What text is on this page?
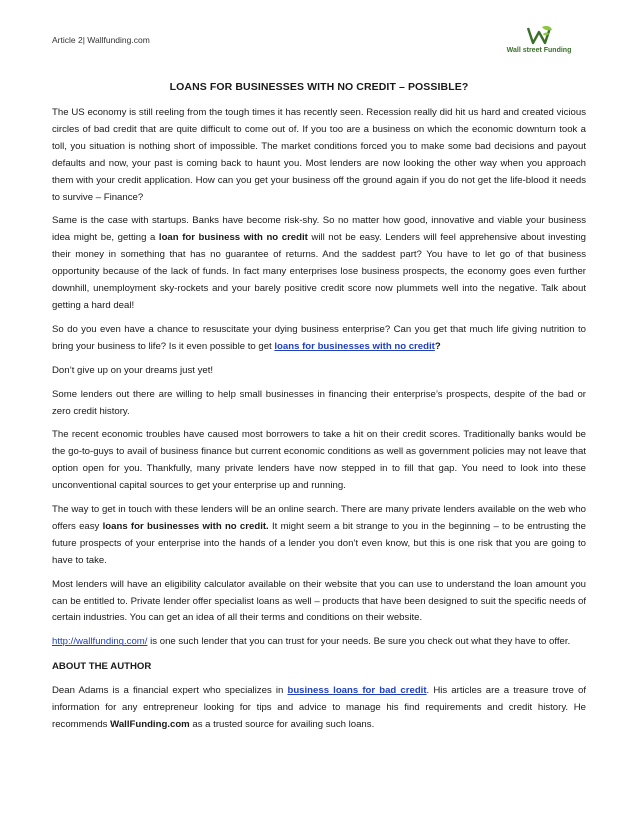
Article 2| Wallfunding.com
Wall street Funding
LOANS FOR BUSINESSES WITH NO CREDIT – POSSIBLE?

The US economy is still reeling from the tough times it has recently seen. Recession really did hit us hard and created vicious circles of bad credit that are quite difficult to come out of. If you too are a business on which the economic downturn took a toll, you situation is nothing short of impossible. The market conditions forced you to make some bad decisions and payout defaults and now, your past is coming back to haunt you. Most lenders are now looking the other way when you approach them with your credit application. How can you get your business off the ground again if you do not get the life-blood it needs to survive – Finance?

Same is the case with startups. Banks have become risk-shy. So no matter how good, innovative and viable your business idea might be, getting a loan for business with no credit will not be easy. Lenders will feel apprehensive about investing their money in something that has no guarantee of returns. And the saddest part? You have to let go of that business opportunity because of the lack of funds. In fact many enterprises lose business prospects, the economy goes even further downhill, unemployment sky-rockets and your barely positive credit score now plummets well into the negative. Talk about getting a hard deal!

So do you even have a chance to resuscitate your dying business enterprise? Can you get that much life giving nutrition to bring your business to life? Is it even possible to get loans for businesses with no credit?

Don’t give up on your dreams just yet!

Some lenders out there are willing to help small businesses in financing their enterprise’s prospects, despite of the bad or zero credit history.

The recent economic troubles have caused most borrowers to take a hit on their credit scores. Traditionally banks would be the go-to-guys to avail of business finance but current economic conditions as well as government policies may not leave that option open for you. Thankfully, many private lenders have now stepped in to fill that gap. You need to look into these unconventional capital sources to get your enterprise up and running.

The way to get in touch with these lenders will be an online search. There are many private lenders available on the web who offers easy loans for businesses with no credit. It might seem a bit strange to you in the beginning – to be entrusting the future prospects of your enterprise into the hands of a lender you don’t even know, but this is one risk that you are going to have to take.

Most lenders will have an eligibility calculator available on their website that you can use to understand the loan amount you can be entitled to. Private lender offer specialist loans as well – products that have been designed to suit the specific needs of certain industries. You can get an idea of all their terms and conditions on their website.

http://wallfunding.com/ is one such lender that you can trust for your needs. Be sure you check out what they have to offer.

ABOUT THE AUTHOR

Dean Adams is a financial expert who specializes in business loans for bad credit. His articles are a treasure trove of information for any entrepreneur looking for tips and advice to manage his find requirements and credit history. He recommends WallFunding.com as a trusted source for availing such loans.
